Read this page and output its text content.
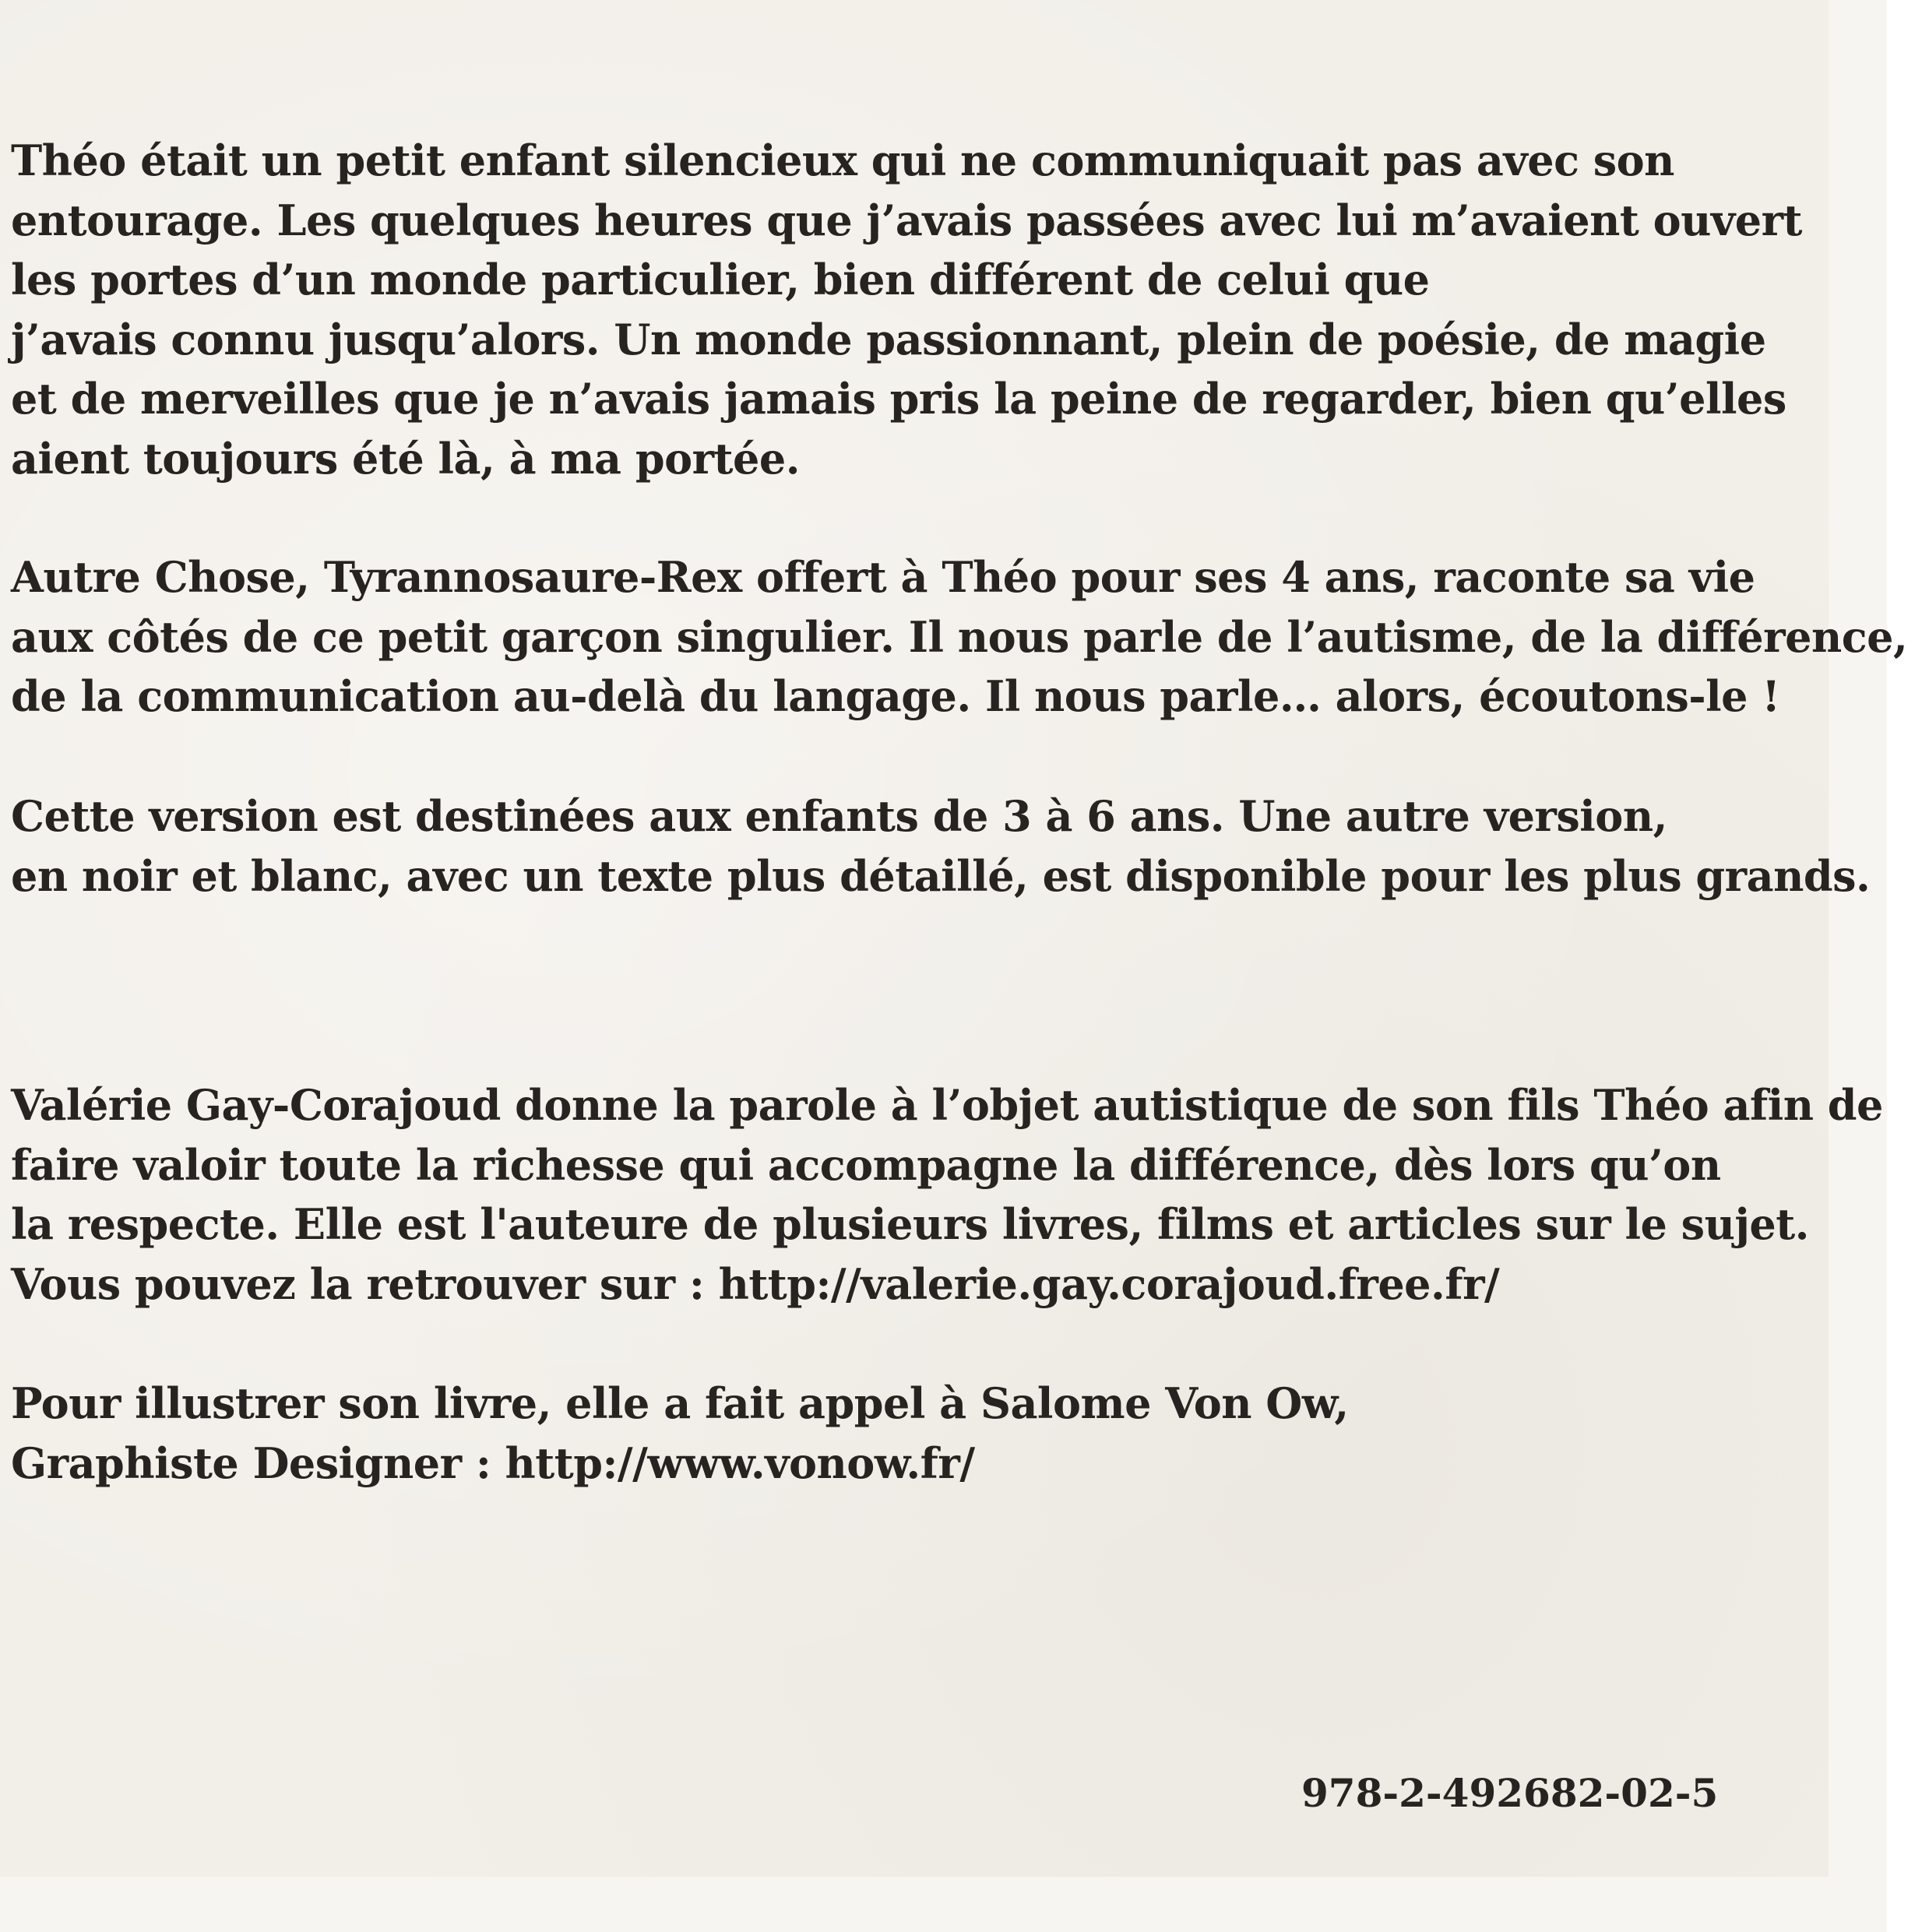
Théo était un petit enfant silencieux qui ne communiquait pas avec son
entourage. Les quelques heures que j’avais passées avec lui m’avaient ouvert
les portes d’un monde particulier, bien différent de celui que
j’avais connu jusqu’alors. Un monde passionnant, plein de poésie, de magie
et de merveilles que je n’avais jamais pris la peine de regarder, bien qu’elles
aient toujours été là, à ma portée.

Autre Chose, Tyrannosaure-Rex offert à Théo pour ses 4 ans, raconte sa vie
aux côtés de ce petit garçon singulier. Il nous parle de l’autisme, de la différence,
de la communication au-delà du langage. Il nous parle… alors, écoutons-le !

Cette version est destinées aux enfants de 3 à 6 ans. Une autre version,
en noir et blanc, avec un texte plus détaillé, est disponible pour les plus grands.

Valérie Gay-Corajoud donne la parole à l’objet autistique de son fils Théo afin de
faire valoir toute la richesse qui accompagne la différence, dès lors qu’on
la respecte. Elle est l'auteure de plusieurs livres, films et articles sur le sujet.
Vous pouvez la retrouver sur : http://valerie.gay.corajoud.free.fr/

Pour illustrer son livre, elle a fait appel à Salome Von Ow,
Graphiste Designer : http://www.vonow.fr/

978-2-492682-02-5
